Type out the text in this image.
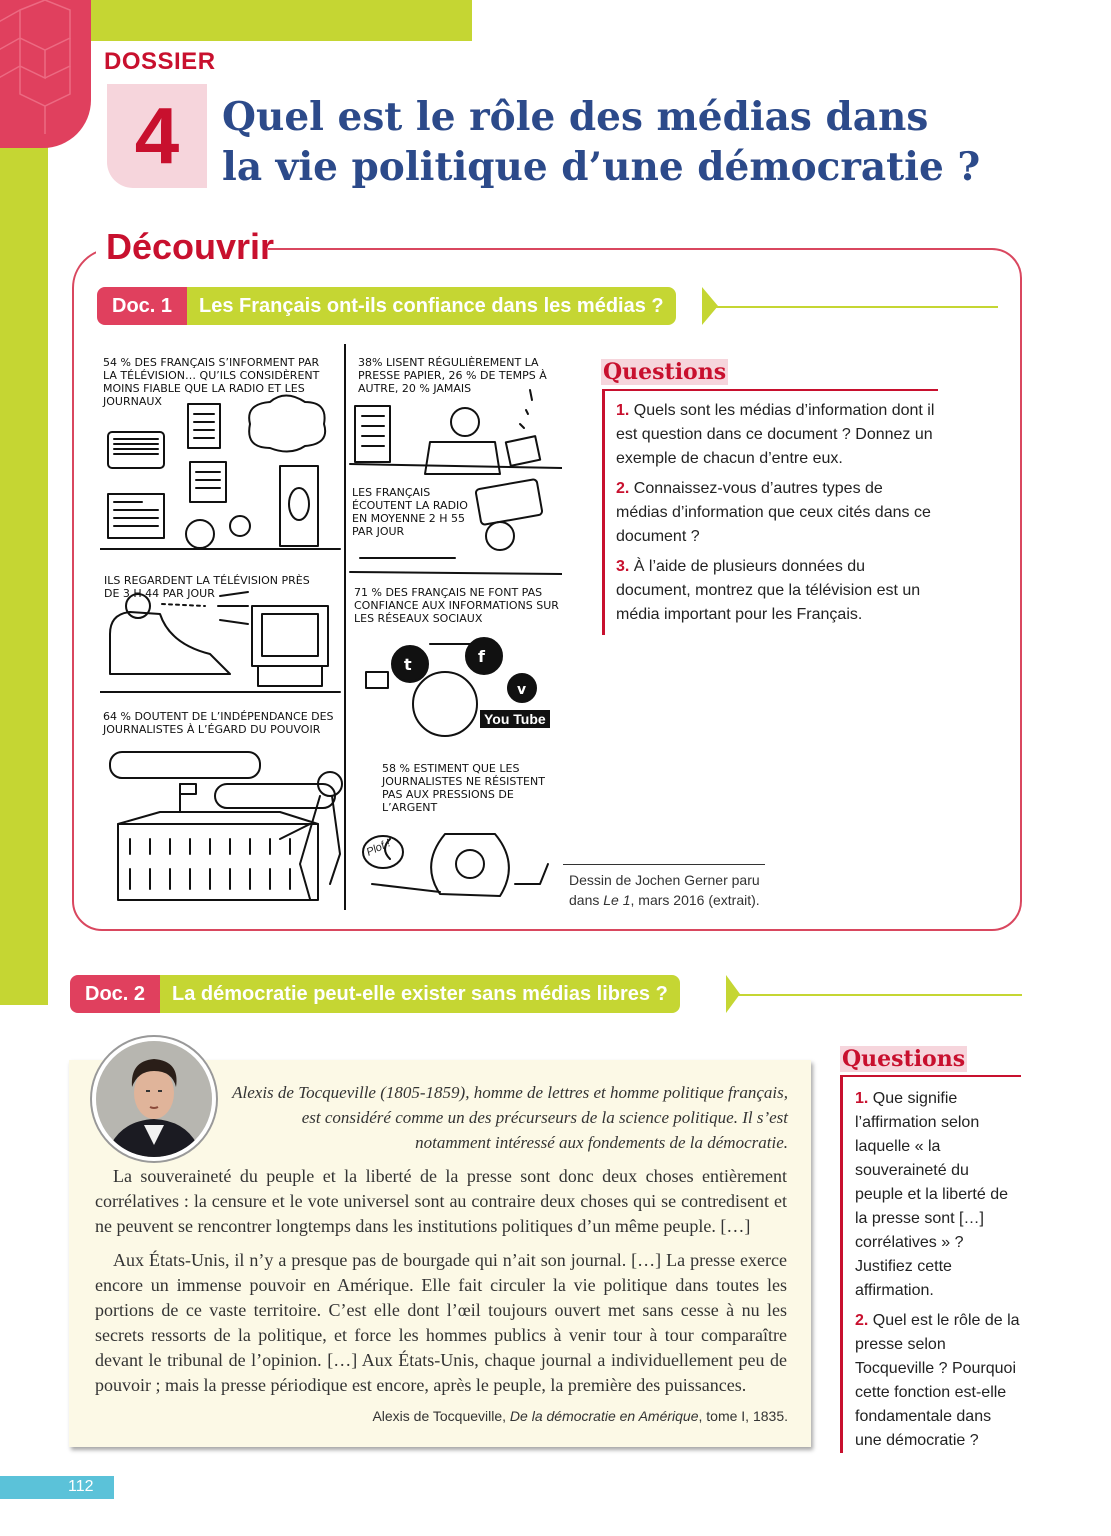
DOSSIER
4	Quel est le rôle des médias dans
la vie politique d’une démocratie ?
Découvrir
Doc. 1	Les Français ont-ils confiance dans les médias ?
t	f
v
54 % DES FRANÇAIS S’INFORMENT PAR LA TÉLÉVISION… QU’ILS CONSIDÈRENT MOINS FIABLE QUE LA RADIO ET LES JOURNAUX
38% LISENT RÉGULIÈREMENT LA PRESSE PAPIER, 26 % DE TEMPS À AUTRE, 20 % JAMAIS
LES FRANÇAIS ÉCOUTENT LA RADIO EN MOYENNE 2 H 55 PAR JOUR
ILS REGARDENT LA TÉLÉVISION PRÈS DE 3 H 44 PAR JOUR	71 % DES FRANÇAIS NE FONT PAS CONFIANCE AUX INFORMATIONS SUR LES RÉSEAUX SOCIAUX
64 % DOUTENT DE L’INDÉPENDANCE DES JOURNALISTES À L’ÉGARD DU POUVOIR
58 % ESTIMENT QUE LES JOURNALISTES NE RÉSISTENT PAS AUX PRESSIONS DE L’ARGENT
You Tube
Plof !
Dessin de Jochen Gerner paru dans Le 1, mars 2016 (extrait).
Questions
1. Quels sont les médias d’information dont il est question dans ce document ? Donnez un exemple de chacun d’entre eux.
2. Connaissez-vous d’autres types de médias d’information que ceux cités dans ce document ?
3. À l’aide de plusieurs données du document, montrez que la télévision est un média important pour les Français.
Doc. 2	La démocratie peut-elle exister sans médias libres ?
Alexis de Tocqueville (1805-1859), homme de lettres et homme politique français, est considéré comme un des précurseurs de la science politique. Il s’est notamment intéressé aux fondements de la démocratie.
La souveraineté du peuple et la liberté de la presse sont donc deux choses entièrement corrélatives : la censure et le vote universel sont au contraire deux choses qui se contredisent et ne peuvent se rencontrer longtemps dans les institutions politiques d’un même peuple. […]
Aux États-Unis, il n’y a presque pas de bourgade qui n’ait son journal. […] La presse exerce encore un immense pouvoir en Amérique. Elle fait circuler la vie politique dans toutes les portions de ce vaste territoire. C’est elle dont l’œil toujours ouvert met sans cesse à nu les secrets ressorts de la politique, et force les hommes publics à venir tour à tour comparaître devant le tribunal de l’opinion. […] Aux États-Unis, chaque journal a individuellement peu de pouvoir ; mais la presse périodique est encore, après le peuple, la première des puissances.
Alexis de Tocqueville, De la démocratie en Amérique, tome I, 1835.
Questions
1. Que signifie l’affirmation selon laquelle « la souveraineté du peuple et la liberté de la presse sont […] corrélatives » ? Justifiez cette affirmation.
2. Quel est le rôle de la presse selon Tocqueville ? Pourquoi cette fonction est-elle fondamentale dans une démocratie ?
112
